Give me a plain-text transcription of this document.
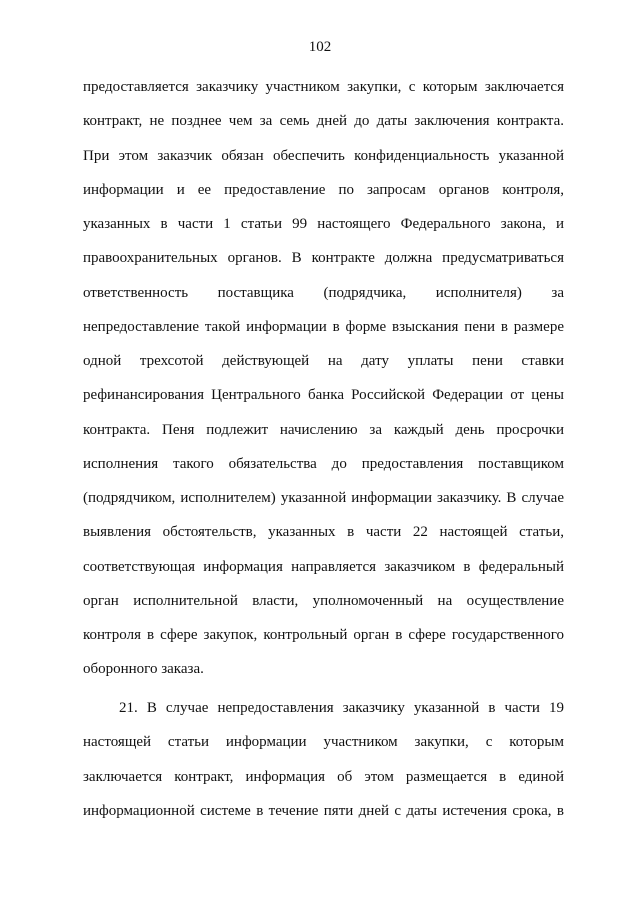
102
предоставляется заказчику участником закупки, с которым заключается
контракт, не позднее чем за семь дней до даты заключения контракта.
При этом заказчик обязан обеспечить конфиденциальность указанной
информации и ее предоставление по запросам органов контроля,
указанных в части 1 статьи 99 настоящего Федерального закона, и
правоохранительных органов. В контракте должна предусматриваться
ответственность поставщика (подрядчика, исполнителя) за
непредоставление такой информации в форме взыскания пени в размере
одной трехсотой действующей на дату уплаты пени ставки
рефинансирования Центрального банка Российской Федерации от цены
контракта. Пеня подлежит начислению за каждый день просрочки
исполнения такого обязательства до предоставления поставщиком
(подрядчиком, исполнителем) указанной информации заказчику. В случае
выявления обстоятельств, указанных в части 22 настоящей статьи,
соответствующая информация направляется заказчиком в федеральный
орган исполнительной власти, уполномоченный на осуществление
контроля в сфере закупок, контрольный орган в сфере государственного
оборонного заказа.
21. В случае непредоставления заказчику указанной в части 19
настоящей статьи информации участником закупки, с которым
заключается контракт, информация об этом размещается в единой
информационной системе в течение пяти дней с даты истечения срока, в
